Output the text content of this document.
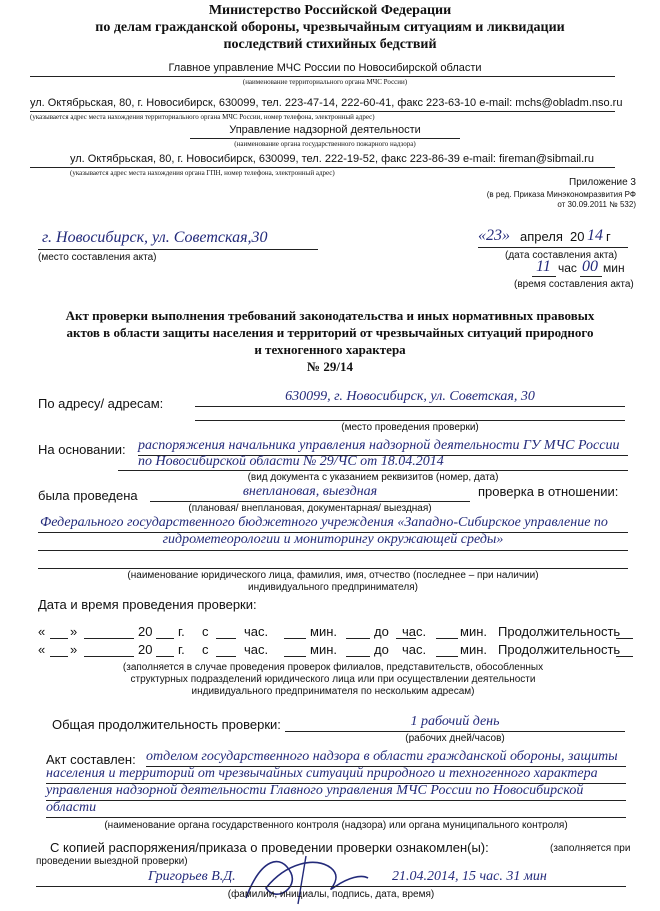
Министерство Российской Федерации
по делам гражданской обороны, чрезвычайным ситуациям и ликвидации
последствий стихийных бедствий
Главное управление МЧС России по Новосибирской области
(наименование территориального органа МЧС России)
ул. Октябрьская, 80, г. Новосибирск, 630099, тел. 223-47-14, 222-60-41, факс 223-63-10 e-mail: mchs@obladm.nso.ru
(указывается адрес места нахождения территориального органа МЧС России, номер телефона, электронный адрес)
Управление надзорной деятельности
(наименование органа государственного пожарного надзора)
ул. Октябрьская, 80, г. Новосибирск, 630099, тел. 222-19-52, факс 223-86-39 e-mail: fireman@sibmail.ru
(указывается адрес места нахождения органа ГПН, номер телефона, электронный адрес)
Приложение 3
(в ред. Приказа Минэкономразвития РФ
от 30.09.2011 № 532)
г. Новосибирск, ул. Советская,30
(место составления акта)
«23» апреля 20 14 г
(дата составления акта)
11 час 00 мин
(время составления акта)
Акт проверки выполнения требований законодательства и иных нормативных правовых
актов в области защиты населения и территорий от чрезвычайных ситуаций природного
и техногенного характера
№ 29/14
По адресу/ адресам:	630099, г. Новосибирск, ул. Советская, 30
(место проведения проверки)
На основании: распоряжения начальника управления надзорной деятельности ГУ МЧС России
по Новосибирской области № 29/ЧС от 18.04.2014
(вид документа с указанием реквизитов (номер, дата)
была проведена	внеплановая, выездная	проверка в отношении:
(плановая/ внеплановая, документарная/ выездная)
Федерального государственного бюджетного учреждения «Западно-Сибирское управление по
гидрометеорологии и мониторингу окружающей среды»
(наименование юридического лица, фамилия, имя, отчество (последнее – при наличии)
индивидуального предпринимателя)
Дата и время проведения проверки:
« »	20 г. с	час.	мин.	до час.	мин. Продолжительность
« »	20 г. с	час.	мин.	до час.	мин. Продолжительность
(заполняется в случае проведения проверок филиалов, представительств, обособленных
структурных подразделений юридического лица или при осуществлении деятельности
индивидуального предпринимателя по нескольким адресам)
Общая продолжительность проверки:	1 рабочий день
(рабочих дней/часов)
Акт составлен: отделом государственного надзора в области гражданской обороны, защиты
населения и территорий от чрезвычайных ситуаций природного и техногенного характера
управления надзорной деятельности Главного управления МЧС России по Новосибирской
области
(наименование органа государственного контроля (надзора) или органа муниципального контроля)
С копией распоряжения/приказа о проведении проверки ознакомлен(ы):	(заполняется при
проведении выездной проверки)
Григорьев В.Д.	21.04.2014, 15 час. 31 мин
(фамилии, инициалы, подпись, дата, время)
